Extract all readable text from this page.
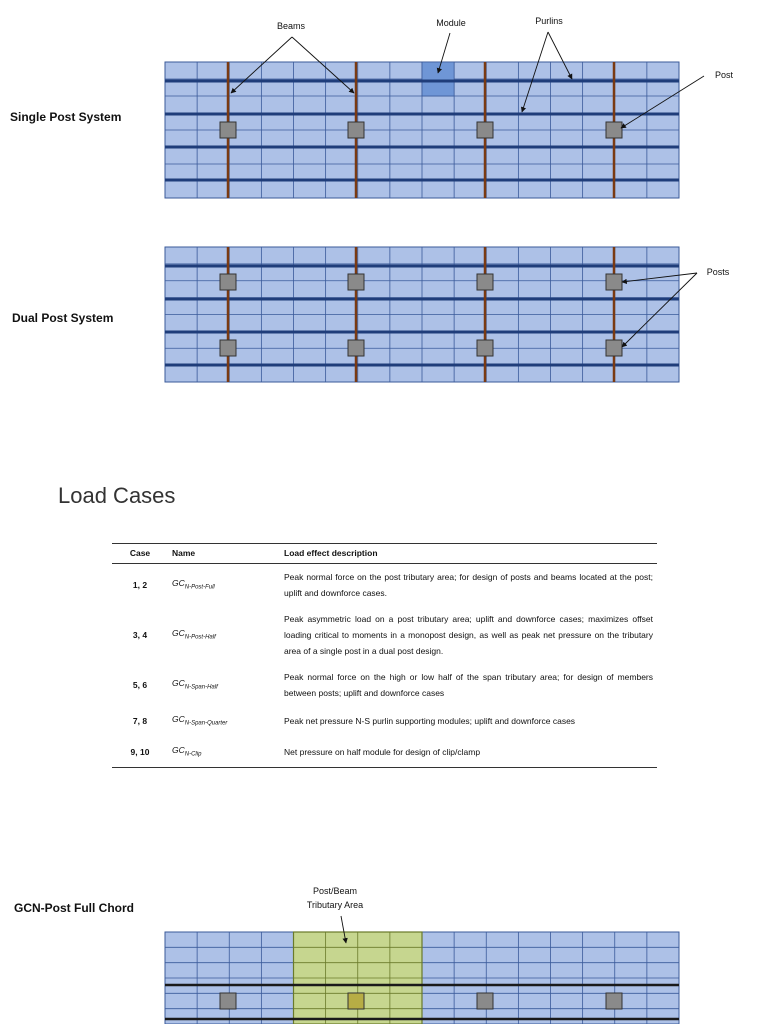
Single Post System
Dual Post System
GCN-Post Full Chord
Beams	Module	Purlins
Post
Posts
Post/Beam
Tributary Area
Load Cases
Case	Name	Load effect description
1, 2	$GC_{N-Post-Full}$	Peak normal force on the post tributary area; for design of posts and beams located at the post; uplift and downforce cases.
3, 4	$GC_{N-Post-Half}$	Peak asymmetric load on a post tributary area; uplift and downforce cases; maximizes offset loading critical to moments in a monopost design, as well as peak net pressure on the tributary area of a single post in a dual post design.
5, 6	$GC_{N-Span-Half}$	Peak normal force on the high or low half of the span tributary area; for design of members between posts; uplift and downforce cases
7, 8	$GC_{N-Span-Quarter}$	Peak net pressure N-S purlin supporting modules; uplift and downforce cases
9, 10	$GC_{N-Clip}$	Net pressure on half module for design of clip/clamp
